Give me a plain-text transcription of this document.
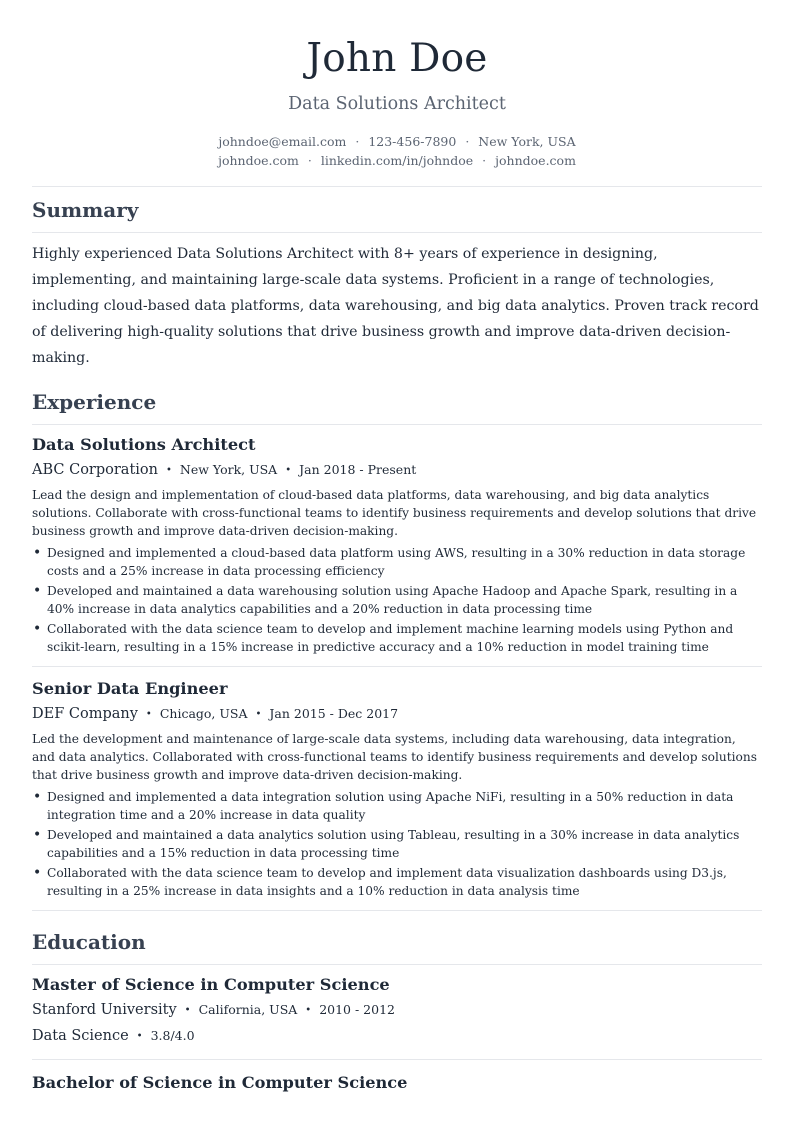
John Doe
Data Solutions Architect
johndoe@email.com · 123-456-7890 · New York, USA
johndoe.com · linkedin.com/in/johndoe · johndoe.com
Summary

Highly experienced Data Solutions Architect with 8+ years of experience in designing, implementing, and maintaining large-scale data systems. Proficient in a range of technologies, including cloud-based data platforms, data warehousing, and big data analytics. Proven track record of delivering high-quality solutions that drive business growth and improve data-driven decision-making.

Experience
Data Solutions Architect
ABC Corporation • New York, USA • Jan 2018 - Present
Lead the design and implementation of cloud-based data platforms, data warehousing, and big data analytics solutions. Collaborate with cross-functional teams to identify business requirements and develop solutions that drive business growth and improve data-driven decision-making.
• Designed and implemented a cloud-based data platform using AWS, resulting in a 30% reduction in data storage costs and a 25% increase in data processing efficiency
• Developed and maintained a data warehousing solution using Apache Hadoop and Apache Spark, resulting in a 40% increase in data analytics capabilities and a 20% reduction in data processing time
• Collaborated with the data science team to develop and implement machine learning models using Python and scikit-learn, resulting in a 15% increase in predictive accuracy and a 10% reduction in model training time
Senior Data Engineer
DEF Company • Chicago, USA • Jan 2015 - Dec 2017
Led the development and maintenance of large-scale data systems, including data warehousing, data integration, and data analytics. Collaborated with cross-functional teams to identify business requirements and develop solutions that drive business growth and improve data-driven decision-making.
• Designed and implemented a data integration solution using Apache NiFi, resulting in a 50% reduction in data integration time and a 20% increase in data quality
• Developed and maintained a data analytics solution using Tableau, resulting in a 30% increase in data analytics capabilities and a 15% reduction in data processing time
• Collaborated with the data science team to develop and implement data visualization dashboards using D3.js, resulting in a 25% increase in data insights and a 10% reduction in data analysis time
Education
Master of Science in Computer Science
Stanford University • California, USA • 2010 - 2012
Data Science • 3.8/4.0
Bachelor of Science in Computer Science
